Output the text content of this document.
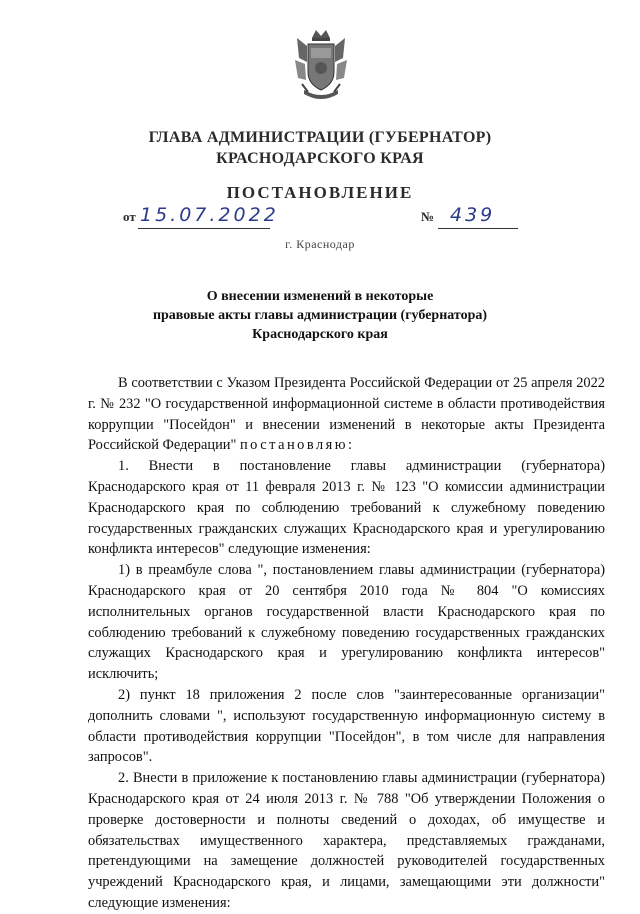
ГЛАВА АДМИНИСТРАЦИИ (ГУБЕРНАТОР)
КРАСНОДАРСКОГО КРАЯ
ПОСТАНОВЛЕНИЕ
от 15.07.2022	№ 439
г. Краснодар
О внесении изменений в некоторые
правовые акты главы администрации (губернатора)
Краснодарского края

В соответствии с Указом Президента Российской Федерации от 25 апреля 2022 г. № 232 "О государственной информационной системе в области противодействия коррупции "Посейдон" и внесении изменений в некоторые акты Президента Российской Федерации" постановляю:

1. Внести в постановление главы администрации (губернатора) Краснодарского края от 11 февраля 2013 г. № 123 "О комиссии администрации Краснодарского края по соблюдению требований к служебному поведению государственных гражданских служащих Краснодарского края и урегулированию конфликта интересов" следующие изменения:

1) в преамбуле слова ", постановлением главы администрации (губернатора) Краснодарского края от 20 сентября 2010 года № 804 "О комиссиях исполнительных органов государственной власти Краснодарского края по соблюдению требований к служебному поведению государственных гражданских служащих Краснодарского края и урегулированию конфликта интересов" исключить;

2) пункт 18 приложения 2 после слов "заинтересованные организации" дополнить словами ", используют государственную информационную систему в области противодействия коррупции "Посейдон", в том числе для направления запросов".

2. Внести в приложение к постановлению главы администрации (губернатора) Краснодарского края от 24 июля 2013 г. № 788 "Об утверждении Положения о проверке достоверности и полноты сведений о доходах, об имуществе и обязательствах имущественного характера, представляемых гражданами, претендующими на замещение должностей руководителей государственных учреждений Краснодарского края, и лицами, замещающими эти должности" следующие изменения:
